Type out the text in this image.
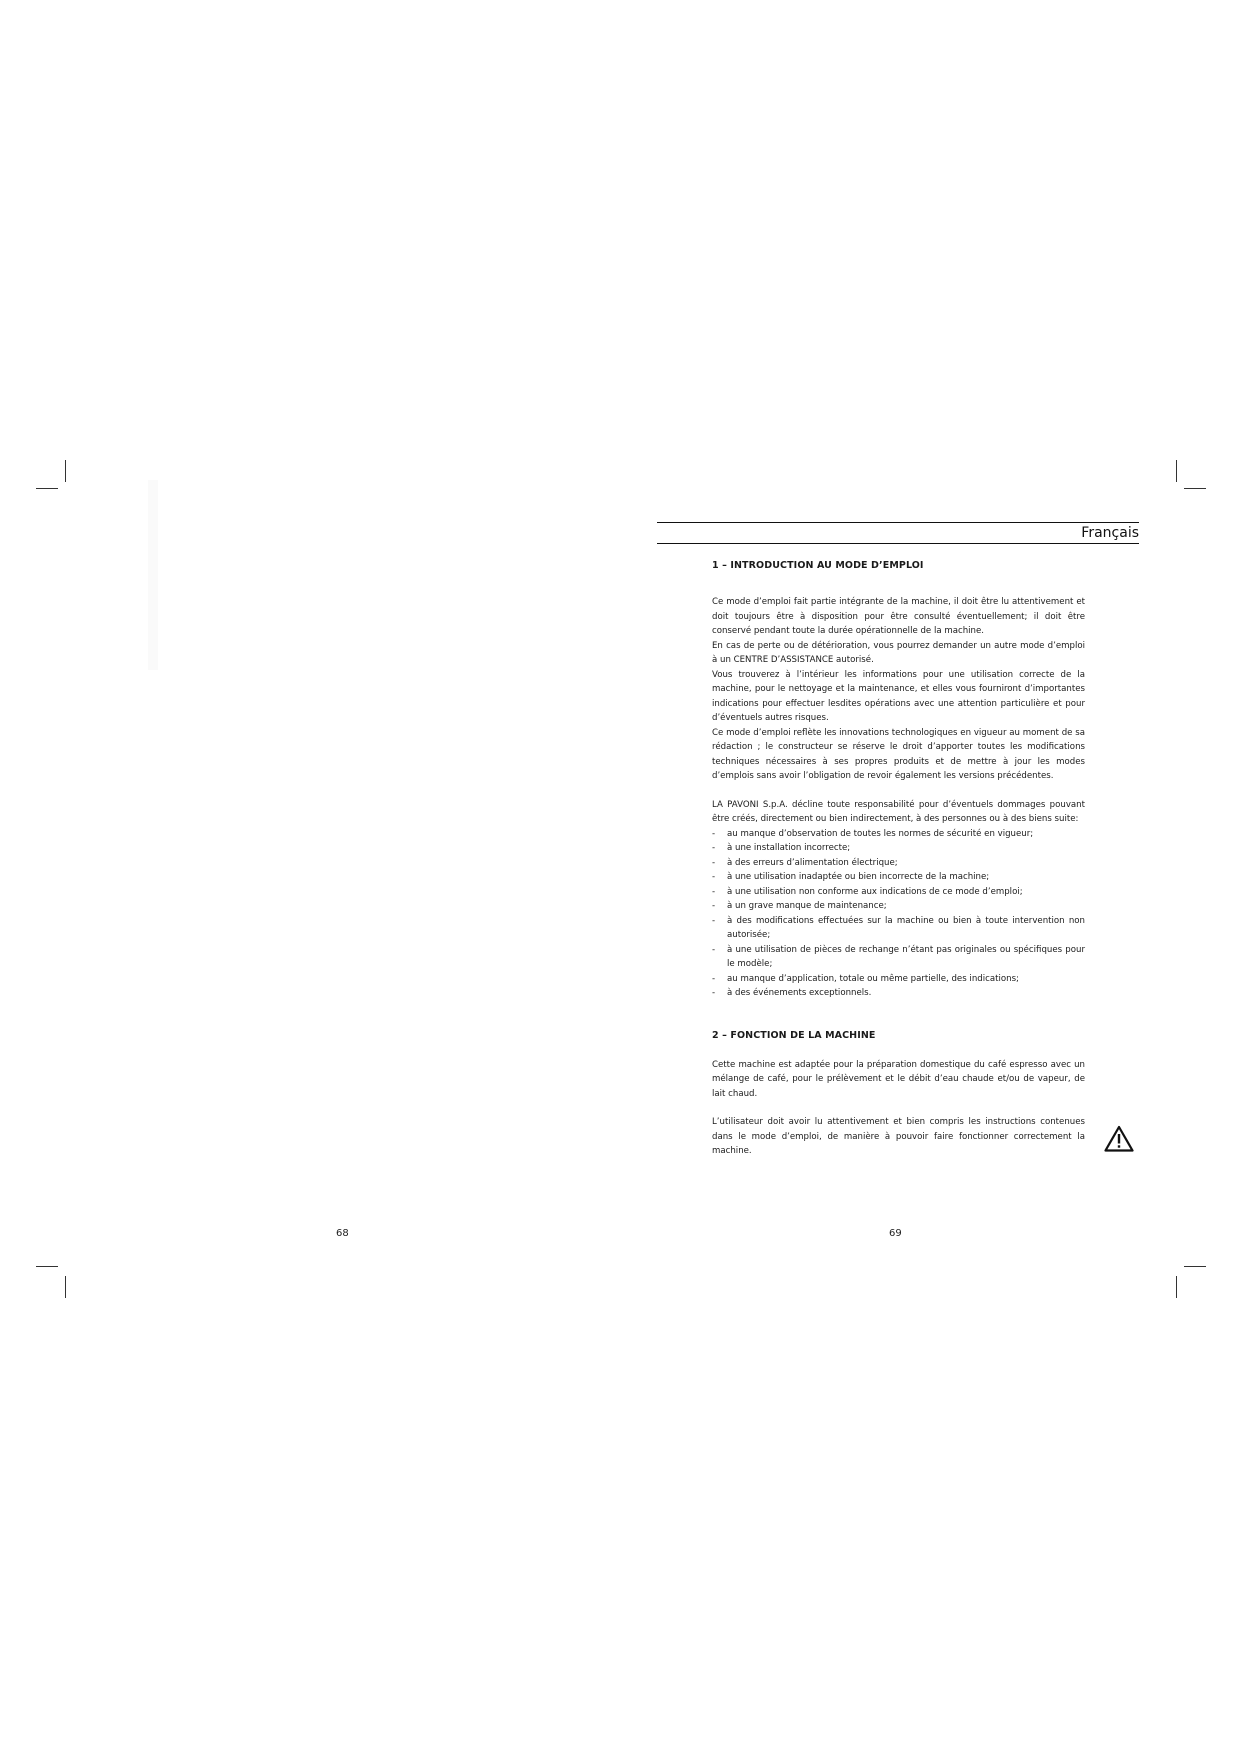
Français
1 – INTRODUCTION AU MODE D’EMPLOI

Ce mode d’emploi fait partie intégrante de la machine, il doit être lu attentivement et doit toujours être à disposition pour être consulté éventuellement; il doit être conservé pendant toute la durée opérationnelle de la machine.

En cas de perte ou de détérioration, vous pourrez demander un autre mode d’emploi à un CENTRE D’ASSISTANCE autorisé.

Vous trouverez à l’intérieur les informations pour une utilisation correcte de la machine, pour le nettoyage et la maintenance, et elles vous fourniront d’importantes indications pour effectuer lesdites opérations avec une attention particulière et pour d’éventuels autres risques.

Ce mode d’emploi reflète les innovations technologiques en vigueur au moment de sa rédaction ; le constructeur se réserve le droit d’apporter toutes les modifications techniques nécessaires à ses propres produits et de mettre à jour les modes d’emplois sans avoir l’obligation de revoir également les versions précédentes.

LA PAVONI S.p.A. décline toute responsabilité pour d’éventuels dommages pouvant être créés, directement ou bien indirectement, à des personnes ou à des biens suite:

- au manque d’observation de toutes les normes de sécurité en vigueur;
- à une installation incorrecte;
- à des erreurs d’alimentation électrique;
- à une utilisation inadaptée ou bien incorrecte de la machine;
- à une utilisation non conforme aux indications de ce mode d’emploi;
- à un grave manque de maintenance;
- à des modifications effectuées sur la machine ou bien à toute intervention non autorisée;
- à une utilisation de pièces de rechange n’étant pas originales ou spécifiques pour le modèle;
- au manque d’application, totale ou même partielle, des indications;
- à des événements exceptionnels.
2 – FONCTION DE LA MACHINE

Cette machine est adaptée pour la préparation domestique du café espresso avec un mélange de café, pour le prélèvement et le débit d’eau chaude et/ou de vapeur, de lait chaud.

L’utilisateur doit avoir lu attentivement et bien compris les instructions contenues dans le mode d’emploi, de manière à pouvoir faire fonctionner correctement la machine.

68	69
